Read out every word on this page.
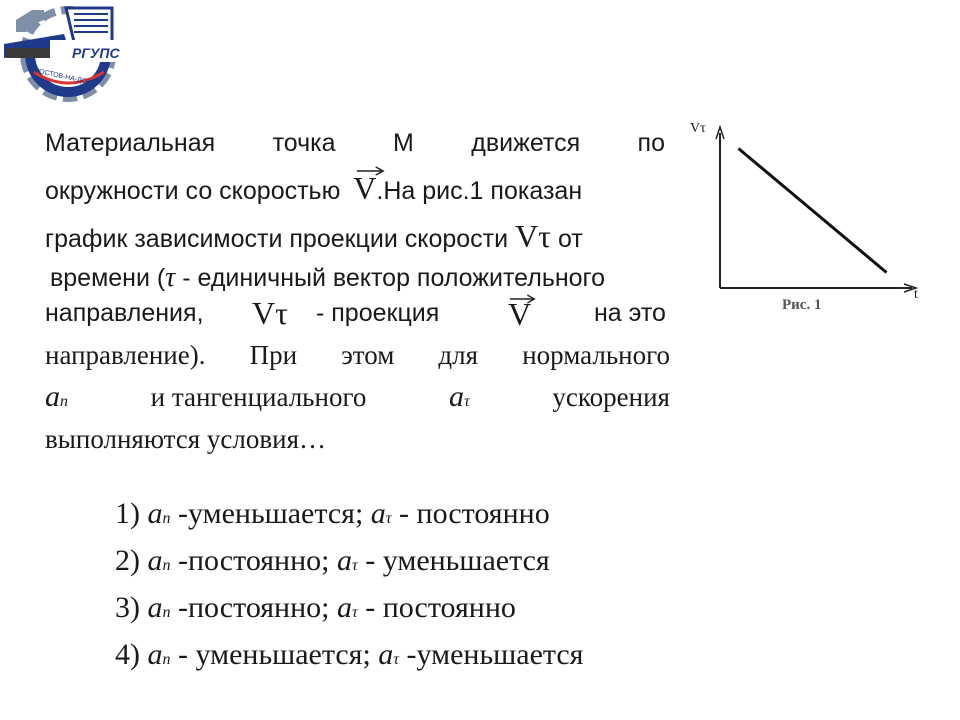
РГУПС
РОСТОВ-НА-ДОНУ
Материальная точка М движется по
окружности со скоростью V.На рис.1 показан
график зависимости проекции скорости Vτ от
времени (τ - единичный вектор положительного
направления, Vτ - проекция V	на это
направление). При этом для нормального
an	и тангенциального	aτ	ускорения
выполняются условия…
Vτ
t
Рис. 1
1) an -уменьшается; aτ - постоянно
2) an -постоянно; aτ - уменьшается
3) an -постоянно; aτ - постоянно
4) an - уменьшается; aτ -уменьшается
